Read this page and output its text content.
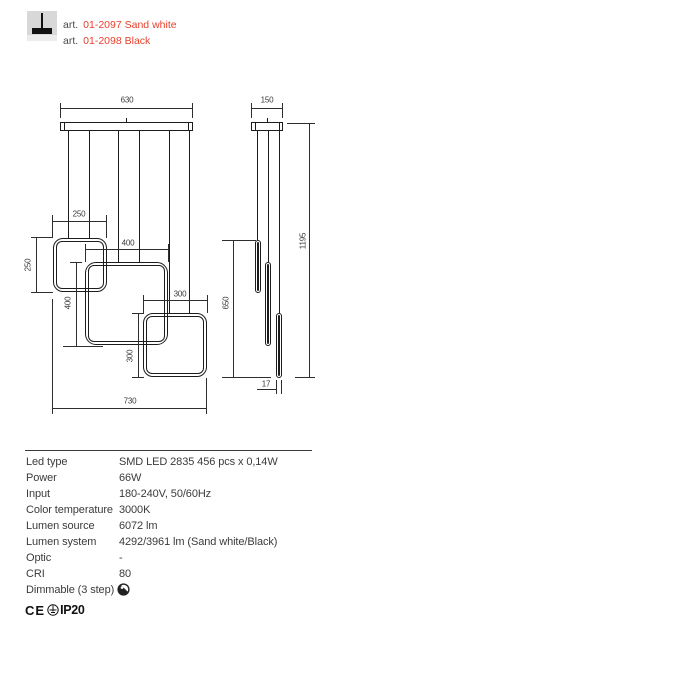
art. 01-2097 Sand white
art. 01-2098 Black
630
250
250
400
400
300
300
730
150
650
1195
17
Led type	SMD LED 2835 456 pcs x 0,14W
Power	66W
Input	180-240V, 50/60Hz
Color temperature 3000K
Lumen source 6072 lm
Lumen system 4292/3961 lm (Sand white/Black)
Optic	-
CRI	80
Dimmable (3 step)
CE IP20
